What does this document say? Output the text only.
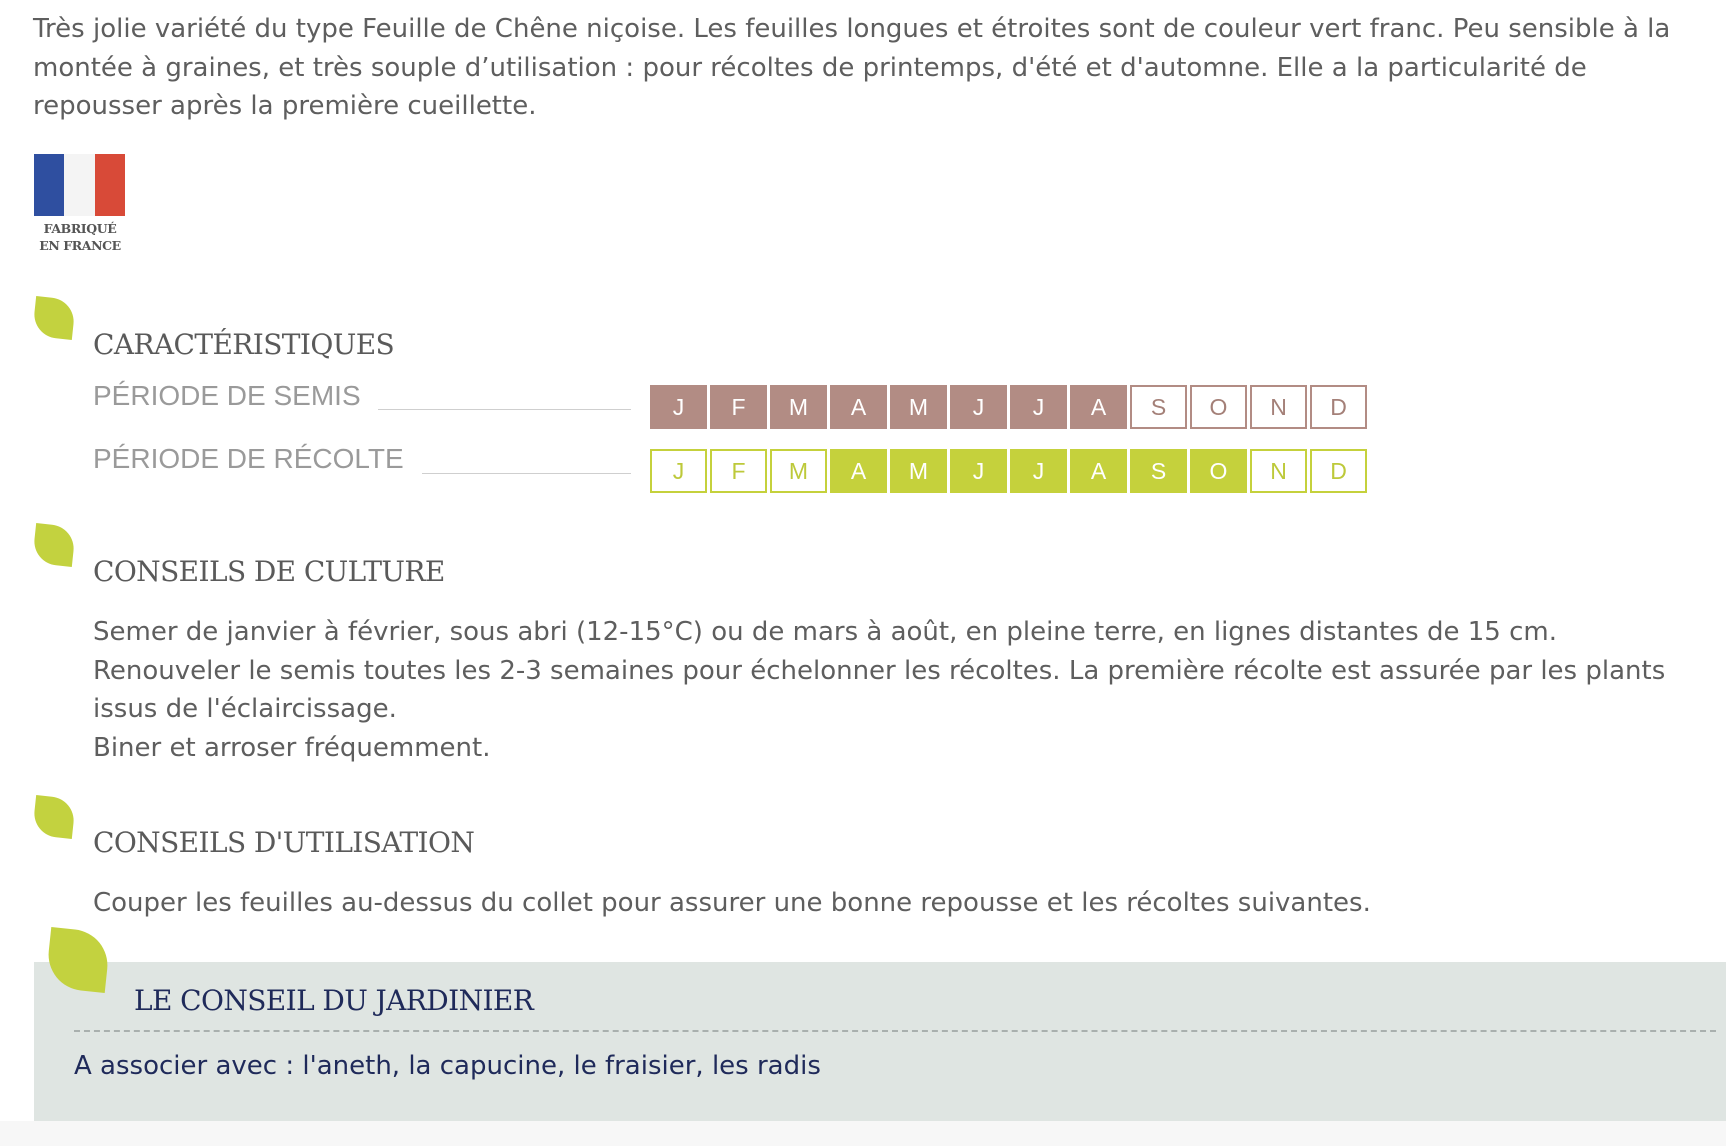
Très jolie variété du type Feuille de Chêne niçoise. Les feuilles longues et étroites sont de couleur vert franc. Peu sensible à la montée à graines, et très souple d’utilisation : pour récoltes de printemps, d'été et d'automne. Elle a la particularité de repousser après la première cueillette.

FABRIQUÉ
EN FRANCE
CARACTÉRISTIQUES
PÉRIODE DE SEMIS	J	F	M	A	M	J	J	A	S	O	N	D
PÉRIODE DE RÉCOLTE	J	F	M	A	M	J	J	A	S	O	N	D
CONSEILS DE CULTURE
Semer de janvier à février, sous abri (12-15°C) ou de mars à août, en pleine terre, en lignes distantes de 15 cm.
Renouveler le semis toutes les 2-3 semaines pour échelonner les récoltes. La première récolte est assurée par les plants issus de l'éclaircissage.
Biner et arroser fréquemment.
CONSEILS D'UTILISATION

Couper les feuilles au-dessus du collet pour assurer une bonne repousse et les récoltes suivantes.

LE CONSEIL DU JARDINIER

A associer avec : l'aneth, la capucine, le fraisier, les radis
